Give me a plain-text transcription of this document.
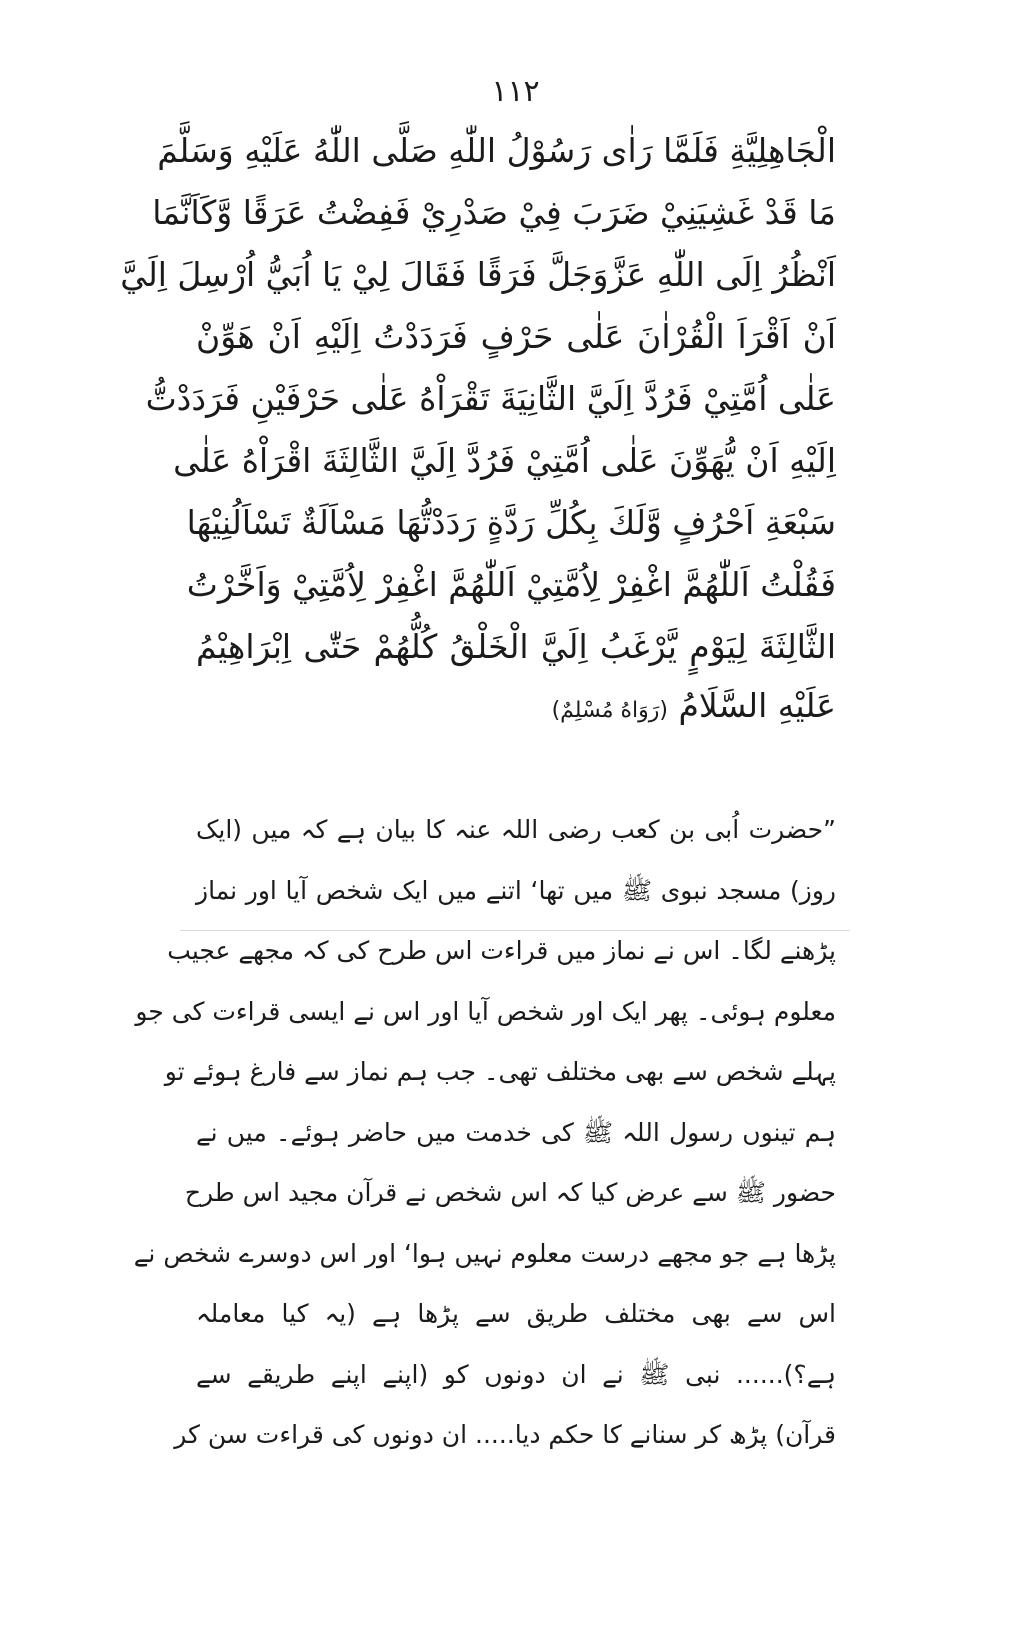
۱۱۲
الْجَاهِلِيَّةِ فَلَمَّا رَاٰى رَسُوْلُ اللّٰهِ صَلَّى اللّٰهُ عَلَيْهِ وَسَلَّمَ
مَا قَدْ غَشِيَنِيْ ضَرَبَ فِيْ صَدْرِيْ فَفِضْتُ عَرَقًا وَّكَاَنَّمَا
اَنْظُرُ اِلَى اللّٰهِ عَزَّوَجَلَّ فَرَقًا فَقَالَ لِيْ يَا اُبَيُّ اُرْسِلَ اِلَيَّ
اَنْ اَقْرَاَ الْقُرْاٰنَ عَلٰى حَرْفٍ فَرَدَدْتُ اِلَيْهِ اَنْ هَوِّنْ
عَلٰى اُمَّتِيْ فَرُدَّ اِلَيَّ الثَّانِيَةَ تَقْرَاْهُ عَلٰى حَرْفَيْنِ فَرَدَدْتُّ
اِلَيْهِ اَنْ يُّهَوِّنَ عَلٰى اُمَّتِيْ فَرُدَّ اِلَيَّ الثَّالِثَةَ اقْرَاْهُ عَلٰى
سَبْعَةِ اَحْرُفٍ وَّلَكَ بِكُلِّ رَدَّةٍ رَدَدْتُّهَا مَسْاَلَةٌ تَسْاَلُنِيْهَا
فَقُلْتُ اَللّٰهُمَّ اغْفِرْ لِاُمَّتِيْ اَللّٰهُمَّ اغْفِرْ لِاُمَّتِيْ وَاَخَّرْتُ
الثَّالِثَةَ لِيَوْمٍ يَّرْغَبُ اِلَيَّ الْخَلْقُ كُلُّهُمْ حَتّٰى اِبْرَاهِيْمُ
عَلَيْهِ السَّلَامُ (رَوَاهُ مُسْلِمٌ)
”حضرت اُبی بن کعب رضی اللہ عنہ کا بیان ہے کہ میں (ایک
روز) مسجد نبوی ﷺ میں تھا‘ اتنے میں ایک شخص آیا اور نماز
پڑھنے لگا۔ اس نے نماز میں قراءت اس طرح کی کہ مجھے عجیب
معلوم ہوئی۔ پھر ایک اور شخص آیا اور اس نے ایسی قراءت کی جو
پہلے شخص سے بھی مختلف تھی۔ جب ہم نماز سے فارغ ہوئے تو
ہم تینوں رسول اللہ ﷺ کی خدمت میں حاضر ہوئے۔ میں نے
حضور ﷺ سے عرض کیا کہ اس شخص نے قرآن مجید اس طرح
پڑھا ہے جو مجھے درست معلوم نہیں ہوا‘ اور اس دوسرے شخص نے
اس سے بھی مختلف طریق سے پڑھا ہے (یہ کیا معاملہ
ہے؟)...... نبی ﷺ نے ان دونوں کو (اپنے اپنے طریقے سے
قرآن) پڑھ کر سنانے کا حکم دیا..... ان دونوں کی قراءت سن کر
